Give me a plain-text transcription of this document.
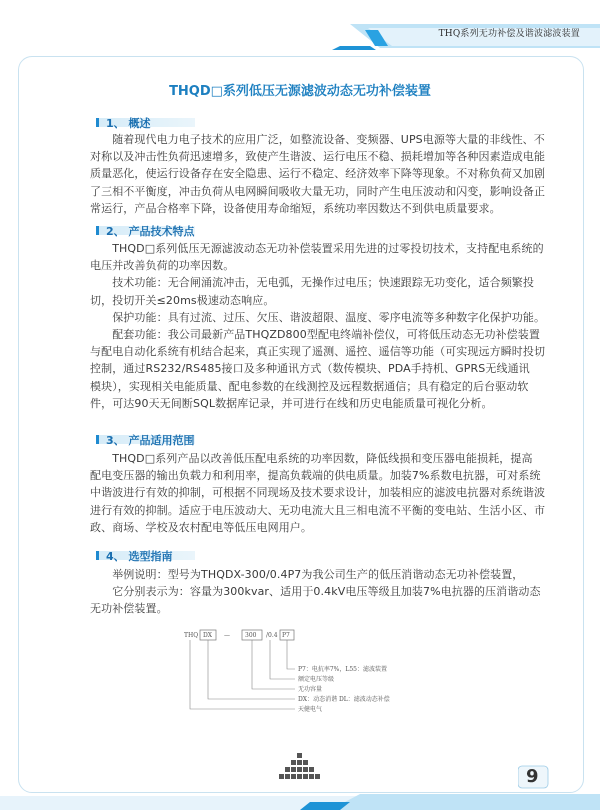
THQ系列无功补偿及谐波滤波装置
THQD□系列低压无源滤波动态无功补偿装置
1、 概述
　　随着现代电力电子技术的应用广泛，如整流设备、变频器、UPS电源等大量的非线性、不
对称以及冲击性负荷迅速增多，致使产生谐波、运行电压不稳、损耗增加等各种因素造成电能
质量恶化，使运行设备存在安全隐患、运行不稳定、经济效率下降等现象。不对称负荷又加剧
了三相不平衡度，冲击负荷从电网瞬间吸收大量无功，同时产生电压波动和闪变，影响设备正
常运行，产品合格率下降，设备使用寿命缩短，系统功率因数达不到供电质量要求。
2、 产品技术特点
　　THQD□系列低压无源滤波动态无功补偿装置采用先进的过零投切技术，支持配电系统的
电压并改善负荷的功率因数。
　　技术功能：无合闸涌流冲击，无电弧，无操作过电压；快速跟踪无功变化，适合频繁投
切，投切开关≤20ms极速动态响应。
　　保护功能：具有过流、过压、欠压、谐波超限、温度、零序电流等多种数字化保护功能。
　　配套功能：我公司最新产品THQZD800型配电终端补偿仪，可将低压动态无功补偿装置
与配电自动化系统有机结合起来，真正实现了遥测、遥控、遥信等功能（可实现远方瞬时投切
控制，通过RS232/RS485接口及多种通讯方式（数传模块、PDA手持机、GPRS无线通讯
模块），实现相关电能质量、配电参数的在线测控及远程数据通信；具有稳定的后台驱动软
件，可达90天无间断SQL数据库记录，并可进行在线和历史电能质量可视化分析。
3、 产品适用范围
　　THQD□系列产品以改善低压配电系统的功率因数，降低线损和变压器电能损耗，提高
配电变压器的输出负载力和利用率，提高负载端的供电质量。加装7%系数电抗器，可对系统
中谐波进行有效的抑制，可根据不同现场及技术要求设计，加装相应的滤波电抗器对系统谐波
进行有效的抑制。适应于电压波动大、无功电流大且三相电流不平衡的变电站、生活小区、市
政、商场、学校及农村配电等低压电网用户。
4、 选型指南
　　举例说明：型号为THQDX-300/0.4P7为我公司生产的低压消谐动态无功补偿装置，
　　它分别表示为：容量为300kvar、适用于0.4kV电压等级且加装7%电抗器的压消谐动态
无功补偿装置。
THQ DX —	300 /0.4 P7
P7：电抗率7%，L55：滤波装置
额定电压等级
无功容量
DX：动态消谐 DL：滤波动态补偿
天健电气
9
